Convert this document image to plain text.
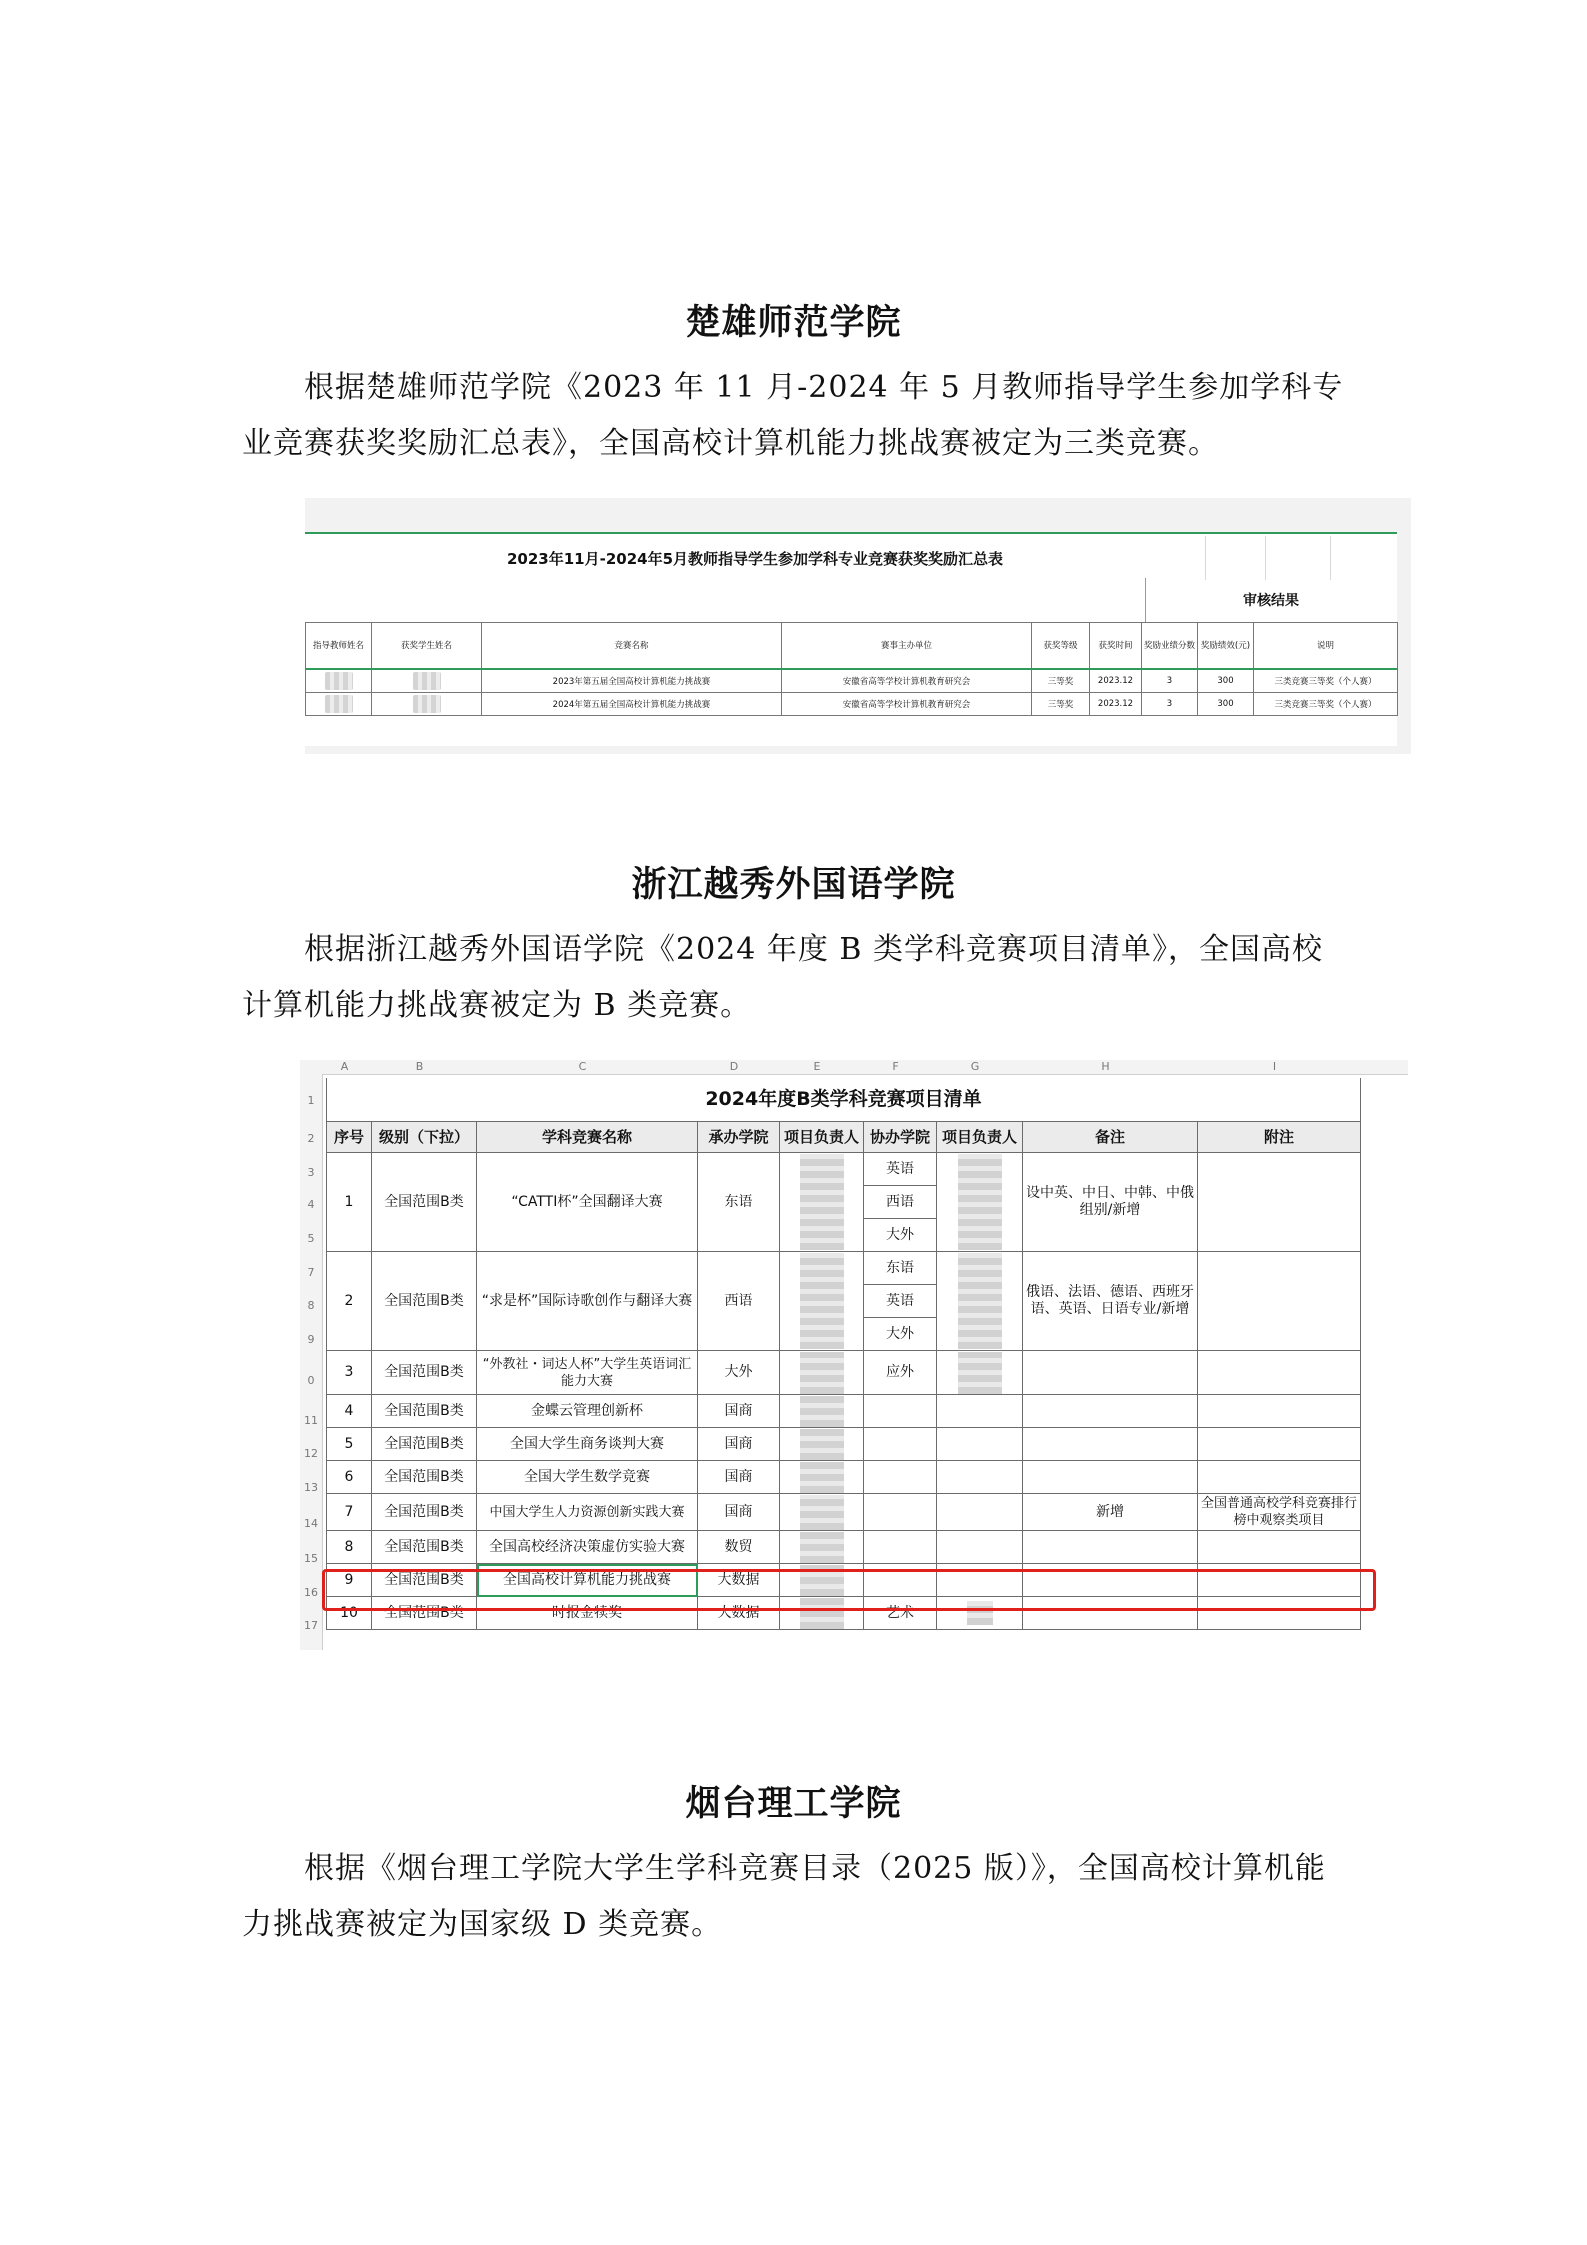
楚雄师范学院

根据楚雄师范学院《2023 年 11 月-2024 年 5 月教师指导学生参加学科专业竞赛获奖奖励汇总表》，全国高校计算机能力挑战赛被定为三类竞赛。

2023年11月-2024年5月教师指导学生参加学科专业竞赛获奖奖励汇总表
审核结果
指导教师姓名	获奖学生姓名	竞赛名称	赛事主办单位	获奖等级	获奖时间	奖励业绩分数	奖励绩效(元)	说明
		2023年第五届全国高校计算机能力挑战赛	安徽省高等学校计算机教育研究会	三等奖	2023.12	3	300	三类竞赛三等奖（个人赛）
		2024年第五届全国高校计算机能力挑战赛	安徽省高等学校计算机教育研究会	三等奖	2023.12	3	300	三类竞赛三等奖（个人赛）
浙江越秀外国语学院

根据浙江越秀外国语学院《2024 年度 B 类学科竞赛项目清单》，全国高校计算机能力挑战赛被定为 B 类竞赛。

A	B	C	D	E	F	G	H	I
1
2
3
4
5
7
8
9
0
11
12
13
14
15
16
17
2024年度B类学科竞赛项目清单								
序号	级别（下拉）	学科竞赛名称	承办学院	项目负责人	协办学院	项目负责人	备注	附注
1	全国范围B类	“CATTI杯”全国翻译大赛	东语		英语		设中英、中日、中韩、中俄组别/新增	
					西语			
					大外			
2	全国范围B类	“求是杯”国际诗歌创作与翻译大赛	西语		东语		俄语、法语、德语、西班牙语、英语、日语专业/新增	
					英语			
					大外			
3	全国范围B类	“外教社・词达人杯”大学生英语词汇能力大赛	大外		应外	

4	全国范围B类	金蝶云管理创新杯	国商	

5	全国范围B类	全国大学生商务谈判大赛	国商	

6	全国范围B类	全国大学生数学竞赛	国商	

7	全国范围B类	中国大学生人力资源创新实践大赛	国商				新增	全国普通高校学科竞赛排行榜中观察类项目
8	全国范围B类	全国高校经济决策虚仿实验大赛	数贸	

9	全国范围B类	全国高校计算机能力挑战赛	大数据	

10	全国范围B类	时报金犊奖	大数据		艺术	

烟台理工学院

根据《烟台理工学院大学生学科竞赛目录（2025 版）》，全国高校计算机能力挑战赛被定为国家级 D 类竞赛。
